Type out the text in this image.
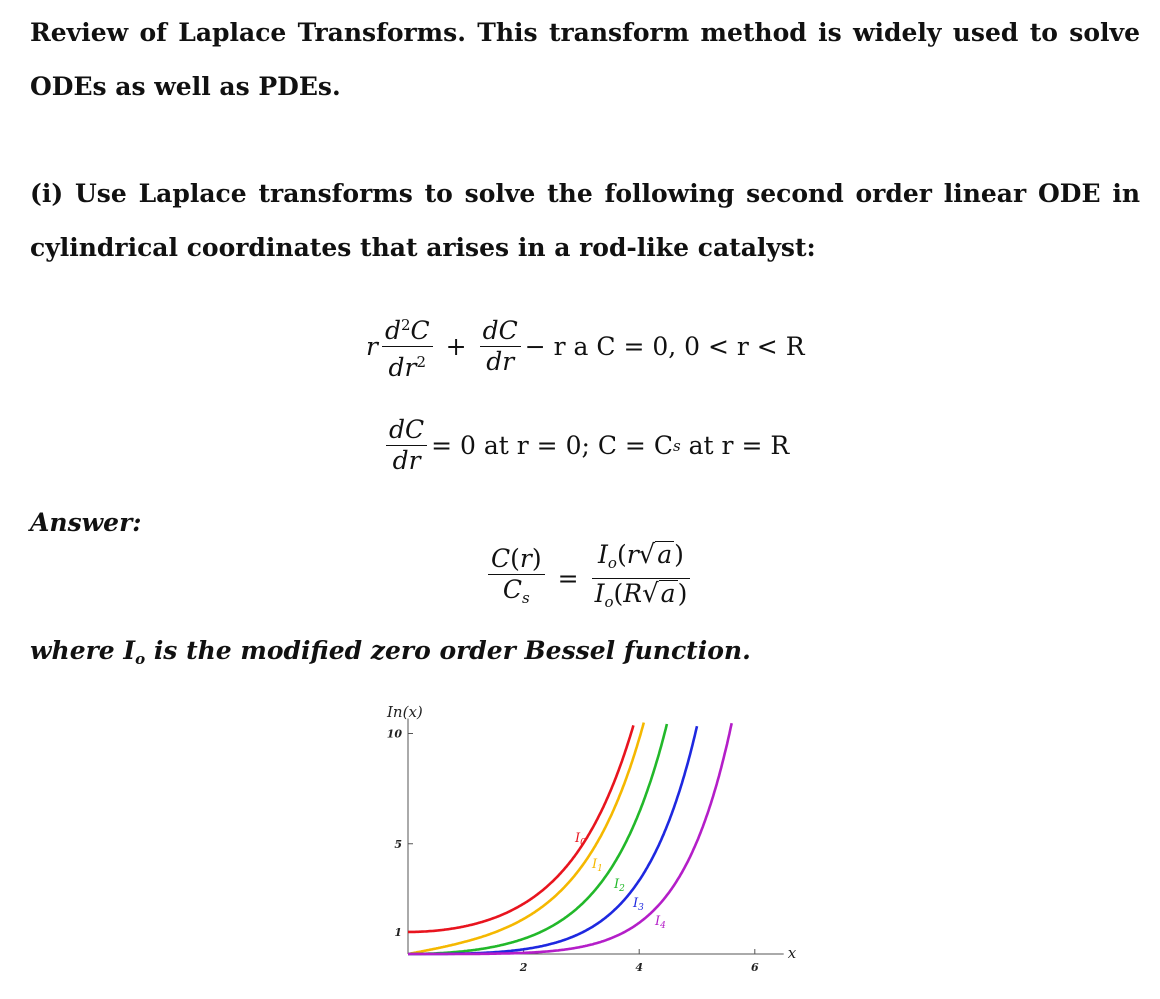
Review of Laplace Transforms. This transform method is widely used to solve ODEs as well as PDEs.

(i) Use Laplace transforms to solve the following second order linear ODE in cylindrical coordinates that arises in a rod-like catalyst:

r $\frac{d^2C}{dr^2} + \frac{dC}{dr} - r$ a C = 0, 0 < r < R
$\frac{dC}{dr} = 0$ at r = 0; C = C s at r = R
Answer:
$\frac{C(r)}{C_s} = \frac{I_o(r √ a )}{I_o(R √ a )}$
where $I_o$ is the modified zero order Bessel function.
2	4	6
1
5
10
In(x)
x
$I_0$
$I_1$
$I_2$
$I_3$
$I_4$
